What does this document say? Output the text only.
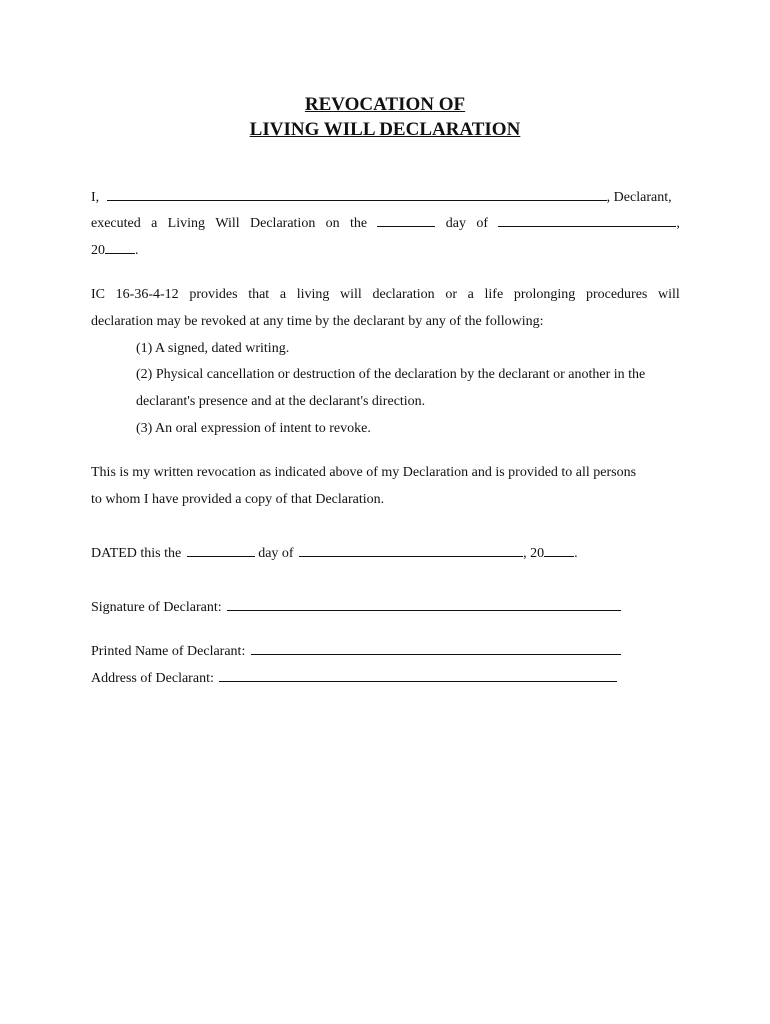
REVOCATION OF
LIVING WILL DECLARATION
I,	, Declarant,
executed a Living Will Declaration on the	day of	,
20 .
IC 16-36-4-12 provides that a living will declaration or a life prolonging procedures will
declaration may be revoked at any time by the declarant by any of the following:
(1) A signed, dated writing.
(2) Physical cancellation or destruction of the declaration by the declarant or another in the
declarant's presence and at the declarant's direction.
(3) An oral expression of intent to revoke.
This is my written revocation as indicated above of my Declaration and is provided to all persons
to whom I have provided a copy of that Declaration.
DATED this the	day of	, 20 .
Signature of Declarant:
Printed Name of Declarant:
Address of Declarant:
